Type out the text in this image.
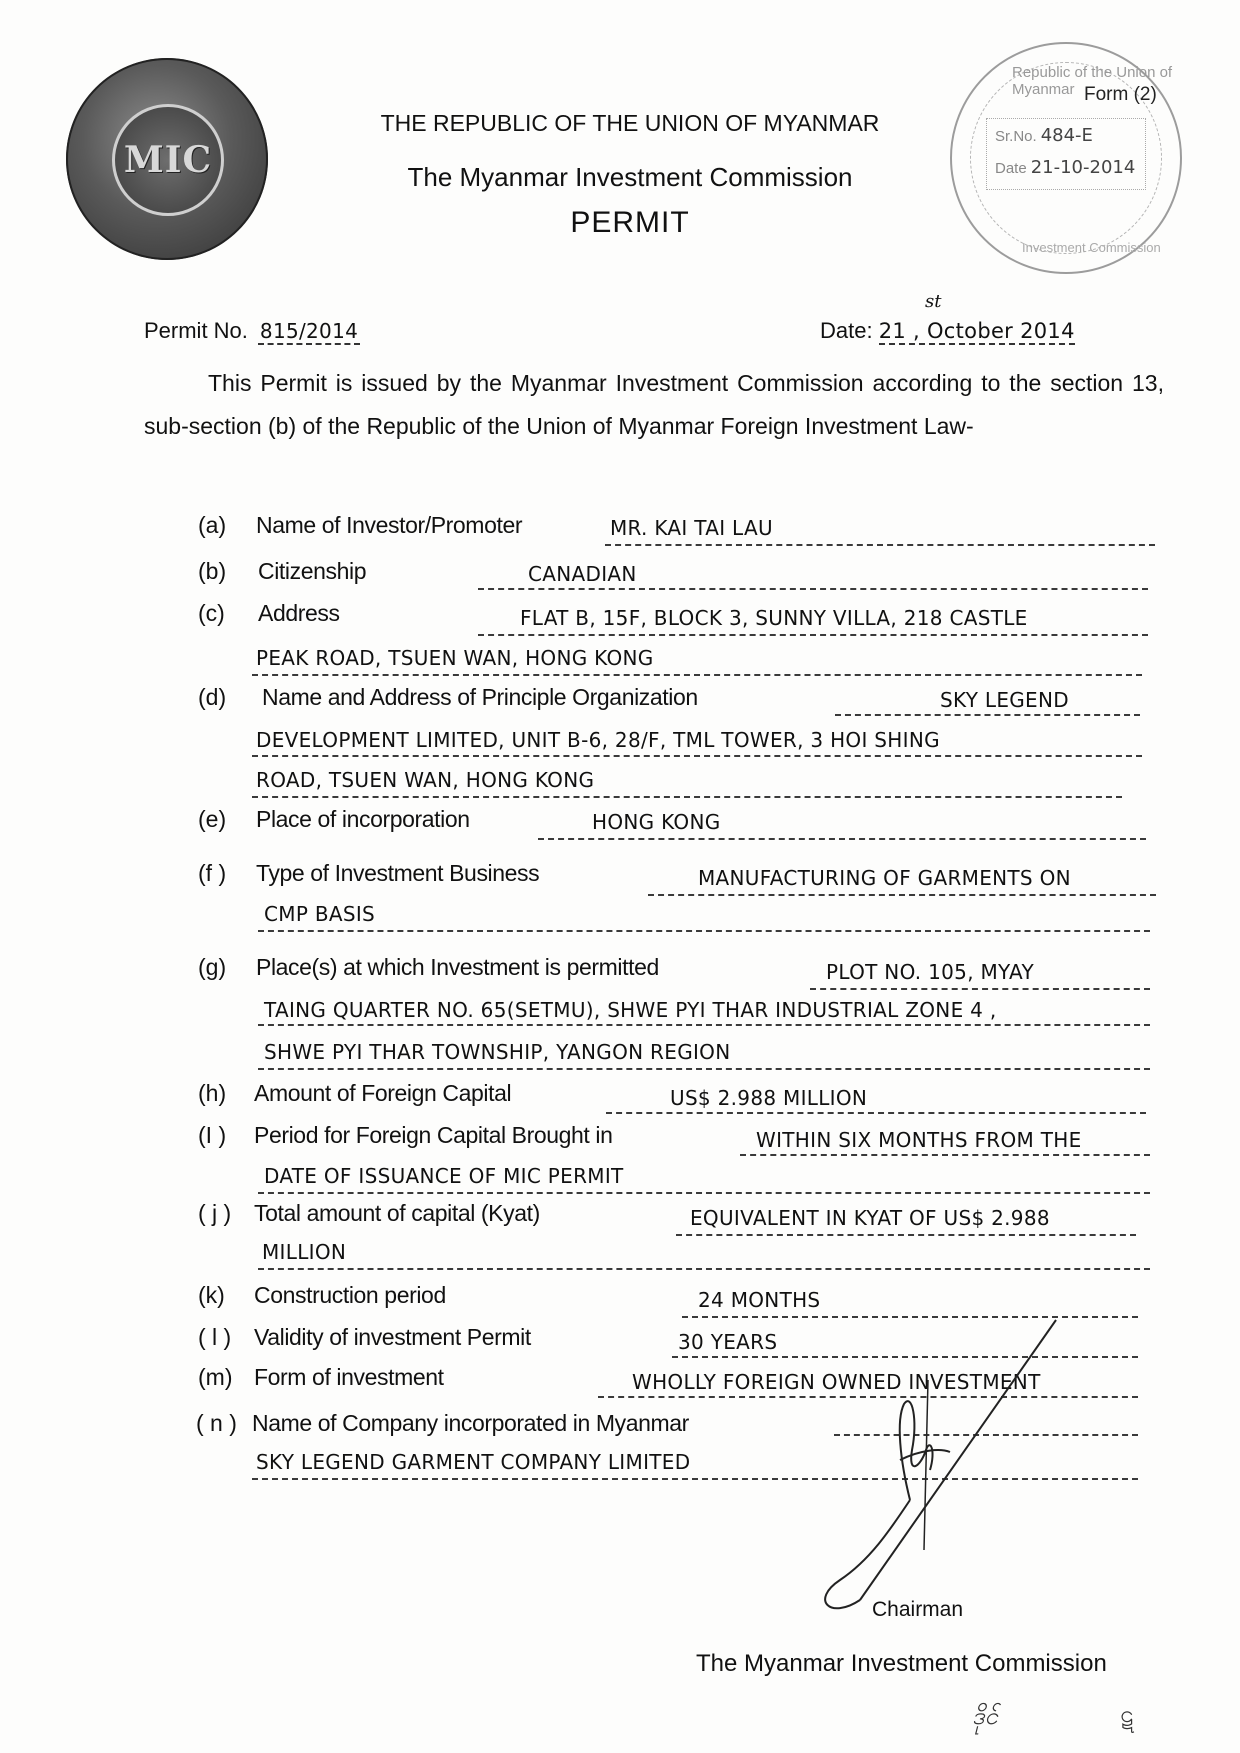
MIC
THE REPUBLIC OF THE UNION OF MYANMAR
The Myanmar Investment Commission
PERMIT
Republic of the Union of Myanmar
Sr.No. 484-E
Date 21-10-2014
Investment Commission
Form (2)
Permit No. 815/2014
st
Date: 21 , October 2014
This Permit is issued by the Myanmar Investment Commission according to the section 13, sub-section (b) of the Republic of the Union of Myanmar Foreign Investment Law-
(a) Name of Investor/Promoter	MR. KAI TAI LAU
(b) Citizenship	CANADIAN
(c) Address	FLAT B, 15F, BLOCK 3, SUNNY VILLA, 218 CASTLE
PEAK ROAD, TSUEN WAN, HONG KONG
(d) Name and Address of Principle Organization	SKY LEGEND
DEVELOPMENT LIMITED, UNIT B-6, 28/F, TML TOWER, 3 HOI SHING
ROAD, TSUEN WAN, HONG KONG
(e) Place of incorporation	HONG KONG
(f ) Type of Investment Business	MANUFACTURING OF GARMENTS ON
CMP BASIS
(g) Place(s) at which Investment is permitted	PLOT NO. 105, MYAY
TAING QUARTER NO. 65(SETMU), SHWE PYI THAR INDUSTRIAL ZONE 4 ,
SHWE PYI THAR TOWNSHIP, YANGON REGION
(h) Amount of Foreign Capital	US$ 2.988 MILLION
(I ) Period for Foreign Capital Brought in	WITHIN SIX MONTHS FROM THE
DATE OF ISSUANCE OF MIC PERMIT
( j ) Total amount of capital (Kyat)	EQUIVALENT IN KYAT OF US$ 2.988
MILLION
(k) Construction period	24 MONTHS
( l ) Validity of investment Permit	30 YEARS
(m) Form of investment	WHOLLY FOREIGN OWNED INVESTMENT
( n ) Name of Company incorporated in Myanmar
SKY LEGEND GARMENT COMPANY LIMITED
Chairman
The Myanmar Investment Commission
ဒိုင်	ဋ
